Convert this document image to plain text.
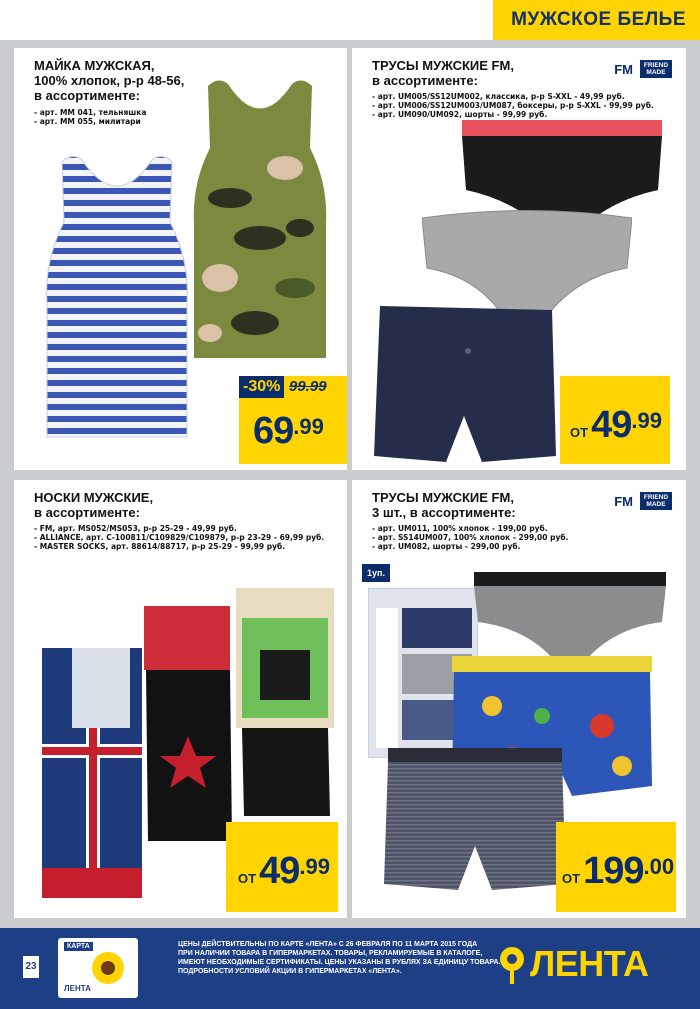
МУЖСКОЕ БЕЛЬЕ
МАЙКА МУЖСКАЯ,
100% хлопок, р-р 48-56,
в ассортименте:
- арт. ММ 041, тельняшка
- арт. ММ 055, милитари
-30% 99.99
69.99
ТРУСЫ МУЖСКИЕ FM,
в ассортименте:
FM	FRIEND MADE
- арт. UM005/SS12UM002, классика, р-р S-XXL - 49,99 руб.
- арт. UM006/SS12UM003/UM087, боксеры, р-р S-XXL - 99,99 руб.
- арт. UM090/UM092, шорты - 99,99 руб.
ОТ49.99
НОСКИ МУЖСКИЕ,
в ассортименте:
- FM, арт. MS052/MS053, р-р 25-29 - 49,99 руб.
- ALLIANCE, арт. С-100811/С109829/С109879, р-р 23-29 - 69,99 руб.
- MASTER SOCKS, арт. 88614/88717, р-р 25-29 - 99,99 руб.
ОТ49.99
ТРУСЫ МУЖСКИЕ FM,
3 шт., в ассортименте:
FM	FRIEND MADE
- арт. UM011, 100% хлопок - 199,00 руб.
- арт. SS14UM007, 100% хлопок - 299,00 руб.
- арт. UM082, шорты - 299,00 руб.
1уп.
ОТ199.00
23
КАРТА
ЛЕНТА
ЦЕНЫ ДЕЙСТВИТЕЛЬНЫ ПО КАРТЕ «ЛЕНТА» С 26 ФЕВРАЛЯ ПО 11 МАРТА 2015 ГОДА
ПРИ НАЛИЧИИ ТОВАРА В ГИПЕРМАРКЕТАХ. ТОВАРЫ, РЕКЛАМИРУЕМЫЕ В КАТАЛОГЕ,
ИМЕЮТ НЕОБХОДИМЫЕ СЕРТИФИКАТЫ. ЦЕНЫ УКАЗАНЫ В РУБЛЯХ ЗА ЕДИНИЦУ ТОВАРА.
ПОДРОБНОСТИ УСЛОВИЙ АКЦИИ В ГИПЕРМАРКЕТАХ «ЛЕНТА».	ЛЕНТА
